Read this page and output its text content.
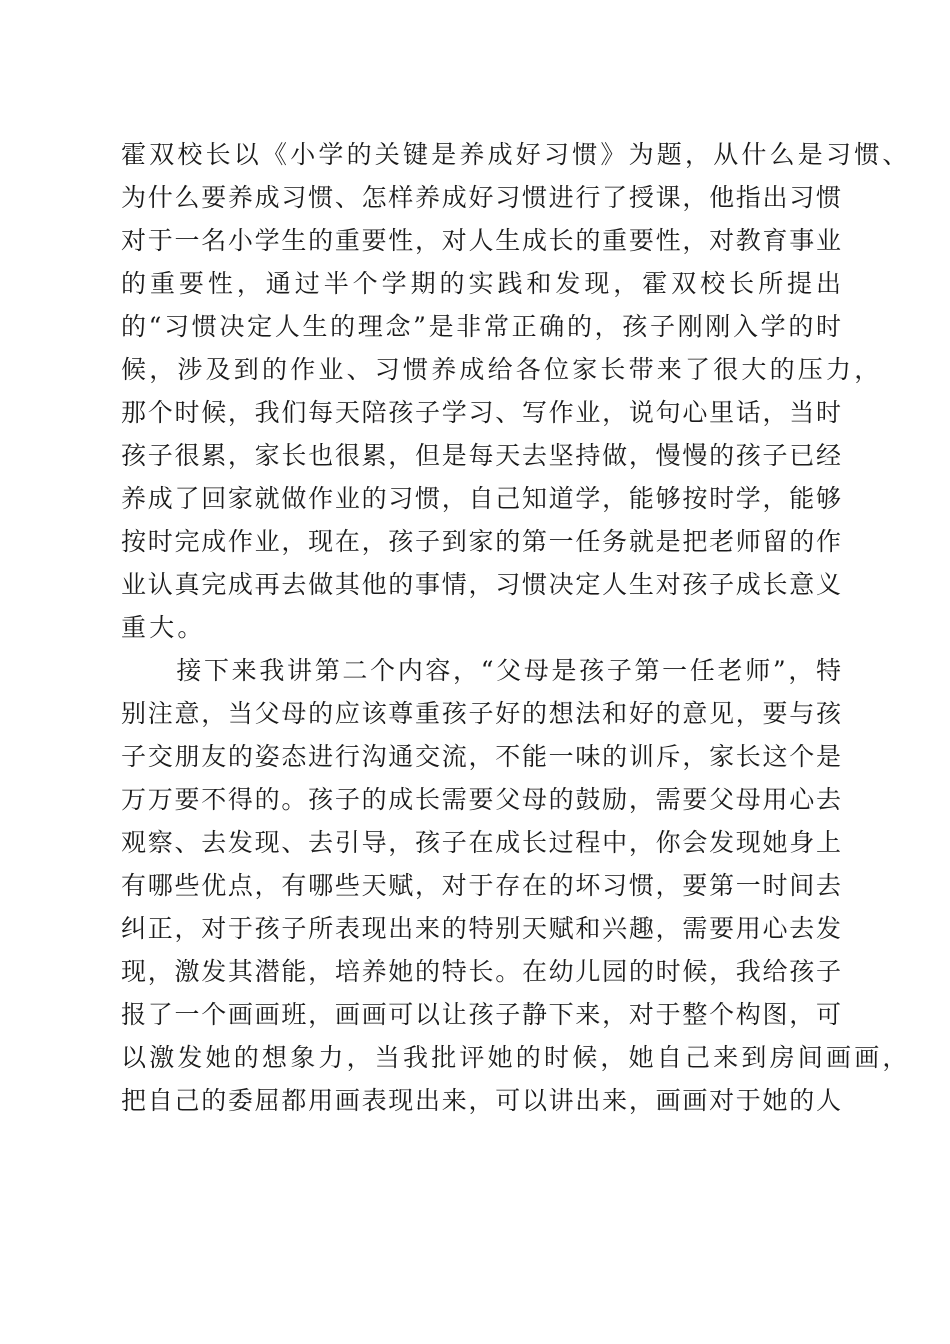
霍双校长以《小学的关键是养成好习惯》为题，从什么是习惯、
为什么要养成习惯、怎样养成好习惯进行了授课，他指出习惯
对于一名小学生的重要性，对人生成长的重要性，对教育事业
的重要性，通过半个学期的实践和发现，霍双校长所提出
的“习惯决定人生的理念”是非常正确的，孩子刚刚入学的时
候，涉及到的作业、习惯养成给各位家长带来了很大的压力，
那个时候，我们每天陪孩子学习、写作业，说句心里话，当时
孩子很累，家长也很累，但是每天去坚持做，慢慢的孩子已经
养成了回家就做作业的习惯，自己知道学，能够按时学，能够
按时完成作业，现在，孩子到家的第一任务就是把老师留的作
业认真完成再去做其他的事情，习惯决定人生对孩子成长意义
重大。
　　接下来我讲第二个内容，“父母是孩子第一任老师”，特
别注意，当父母的应该尊重孩子好的想法和好的意见，要与孩
子交朋友的姿态进行沟通交流，不能一味的训斥，家长这个是
万万要不得的。孩子的成长需要父母的鼓励，需要父母用心去
观察、去发现、去引导，孩子在成长过程中，你会发现她身上
有哪些优点，有哪些天赋，对于存在的坏习惯，要第一时间去
纠正，对于孩子所表现出来的特别天赋和兴趣，需要用心去发
现，激发其潜能，培养她的特长。在幼儿园的时候，我给孩子
报了一个画画班，画画可以让孩子静下来，对于整个构图，可
以激发她的想象力，当我批评她的时候，她自己来到房间画画，
把自己的委屈都用画表现出来，可以讲出来，画画对于她的人
